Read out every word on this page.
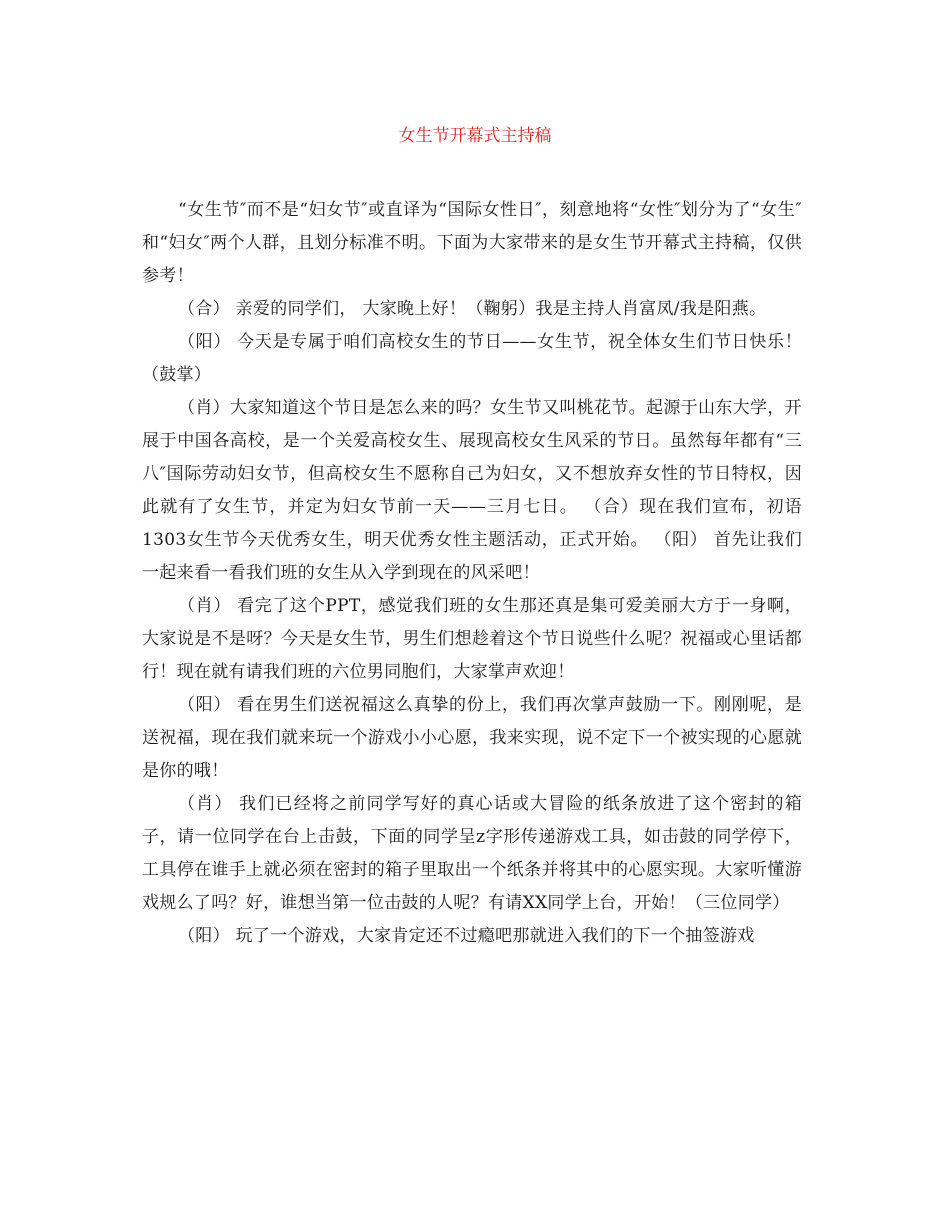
女生节开幕式主持稿

“女生节″而不是“妇女节″或直译为“国际女性日″，刻意地将“女性″划分为了“女生″和“妇女″两个人群，且划分标准不明。下面为大家带来的是女生节开幕式主持稿，仅供参考！

（合） 亲爱的同学们， 大家晚上好！（鞠躬）我是主持人肖富凤/我是阳燕。

（阳） 今天是专属于咱们高校女生的节日——女生节，祝全体女生们节日快乐！（鼓掌）

（肖）大家知道这个节日是怎么来的吗？女生节又叫桃花节。起源于山东大学，开展于中国各高校，是一个关爱高校女生、展现高校女生风采的节日。虽然每年都有“三八″国际劳动妇女节，但高校女生不愿称自己为妇女，又不想放弃女性的节日特权，因此就有了女生节，并定为妇女节前一天——三月七日。 （合）现在我们宣布，初语1303女生节今天优秀女生，明天优秀女性主题活动，正式开始。 （阳） 首先让我们一起来看一看我们班的女生从入学到现在的风采吧！

（肖） 看完了这个PPT，感觉我们班的女生那还真是集可爱美丽大方于一身啊，大家说是不是呀？今天是女生节，男生们想趁着这个节日说些什么呢？祝福或心里话都行！现在就有请我们班的六位男同胞们，大家掌声欢迎！

（阳） 看在男生们送祝福这么真挚的份上，我们再次掌声鼓励一下。刚刚呢，是送祝福，现在我们就来玩一个游戏小小心愿，我来实现，说不定下一个被实现的心愿就是你的哦！

（肖） 我们已经将之前同学写好的真心话或大冒险的纸条放进了这个密封的箱子，请一位同学在台上击鼓，下面的同学呈z字形传递游戏工具，如击鼓的同学停下，工具停在谁手上就必须在密封的箱子里取出一个纸条并将其中的心愿实现。大家听懂游戏规么了吗？好，谁想当第一位击鼓的人呢？有请XX同学上台，开始！（三位同学）

（阳） 玩了一个游戏，大家肯定还不过瘾吧那就进入我们的下一个抽签游戏
